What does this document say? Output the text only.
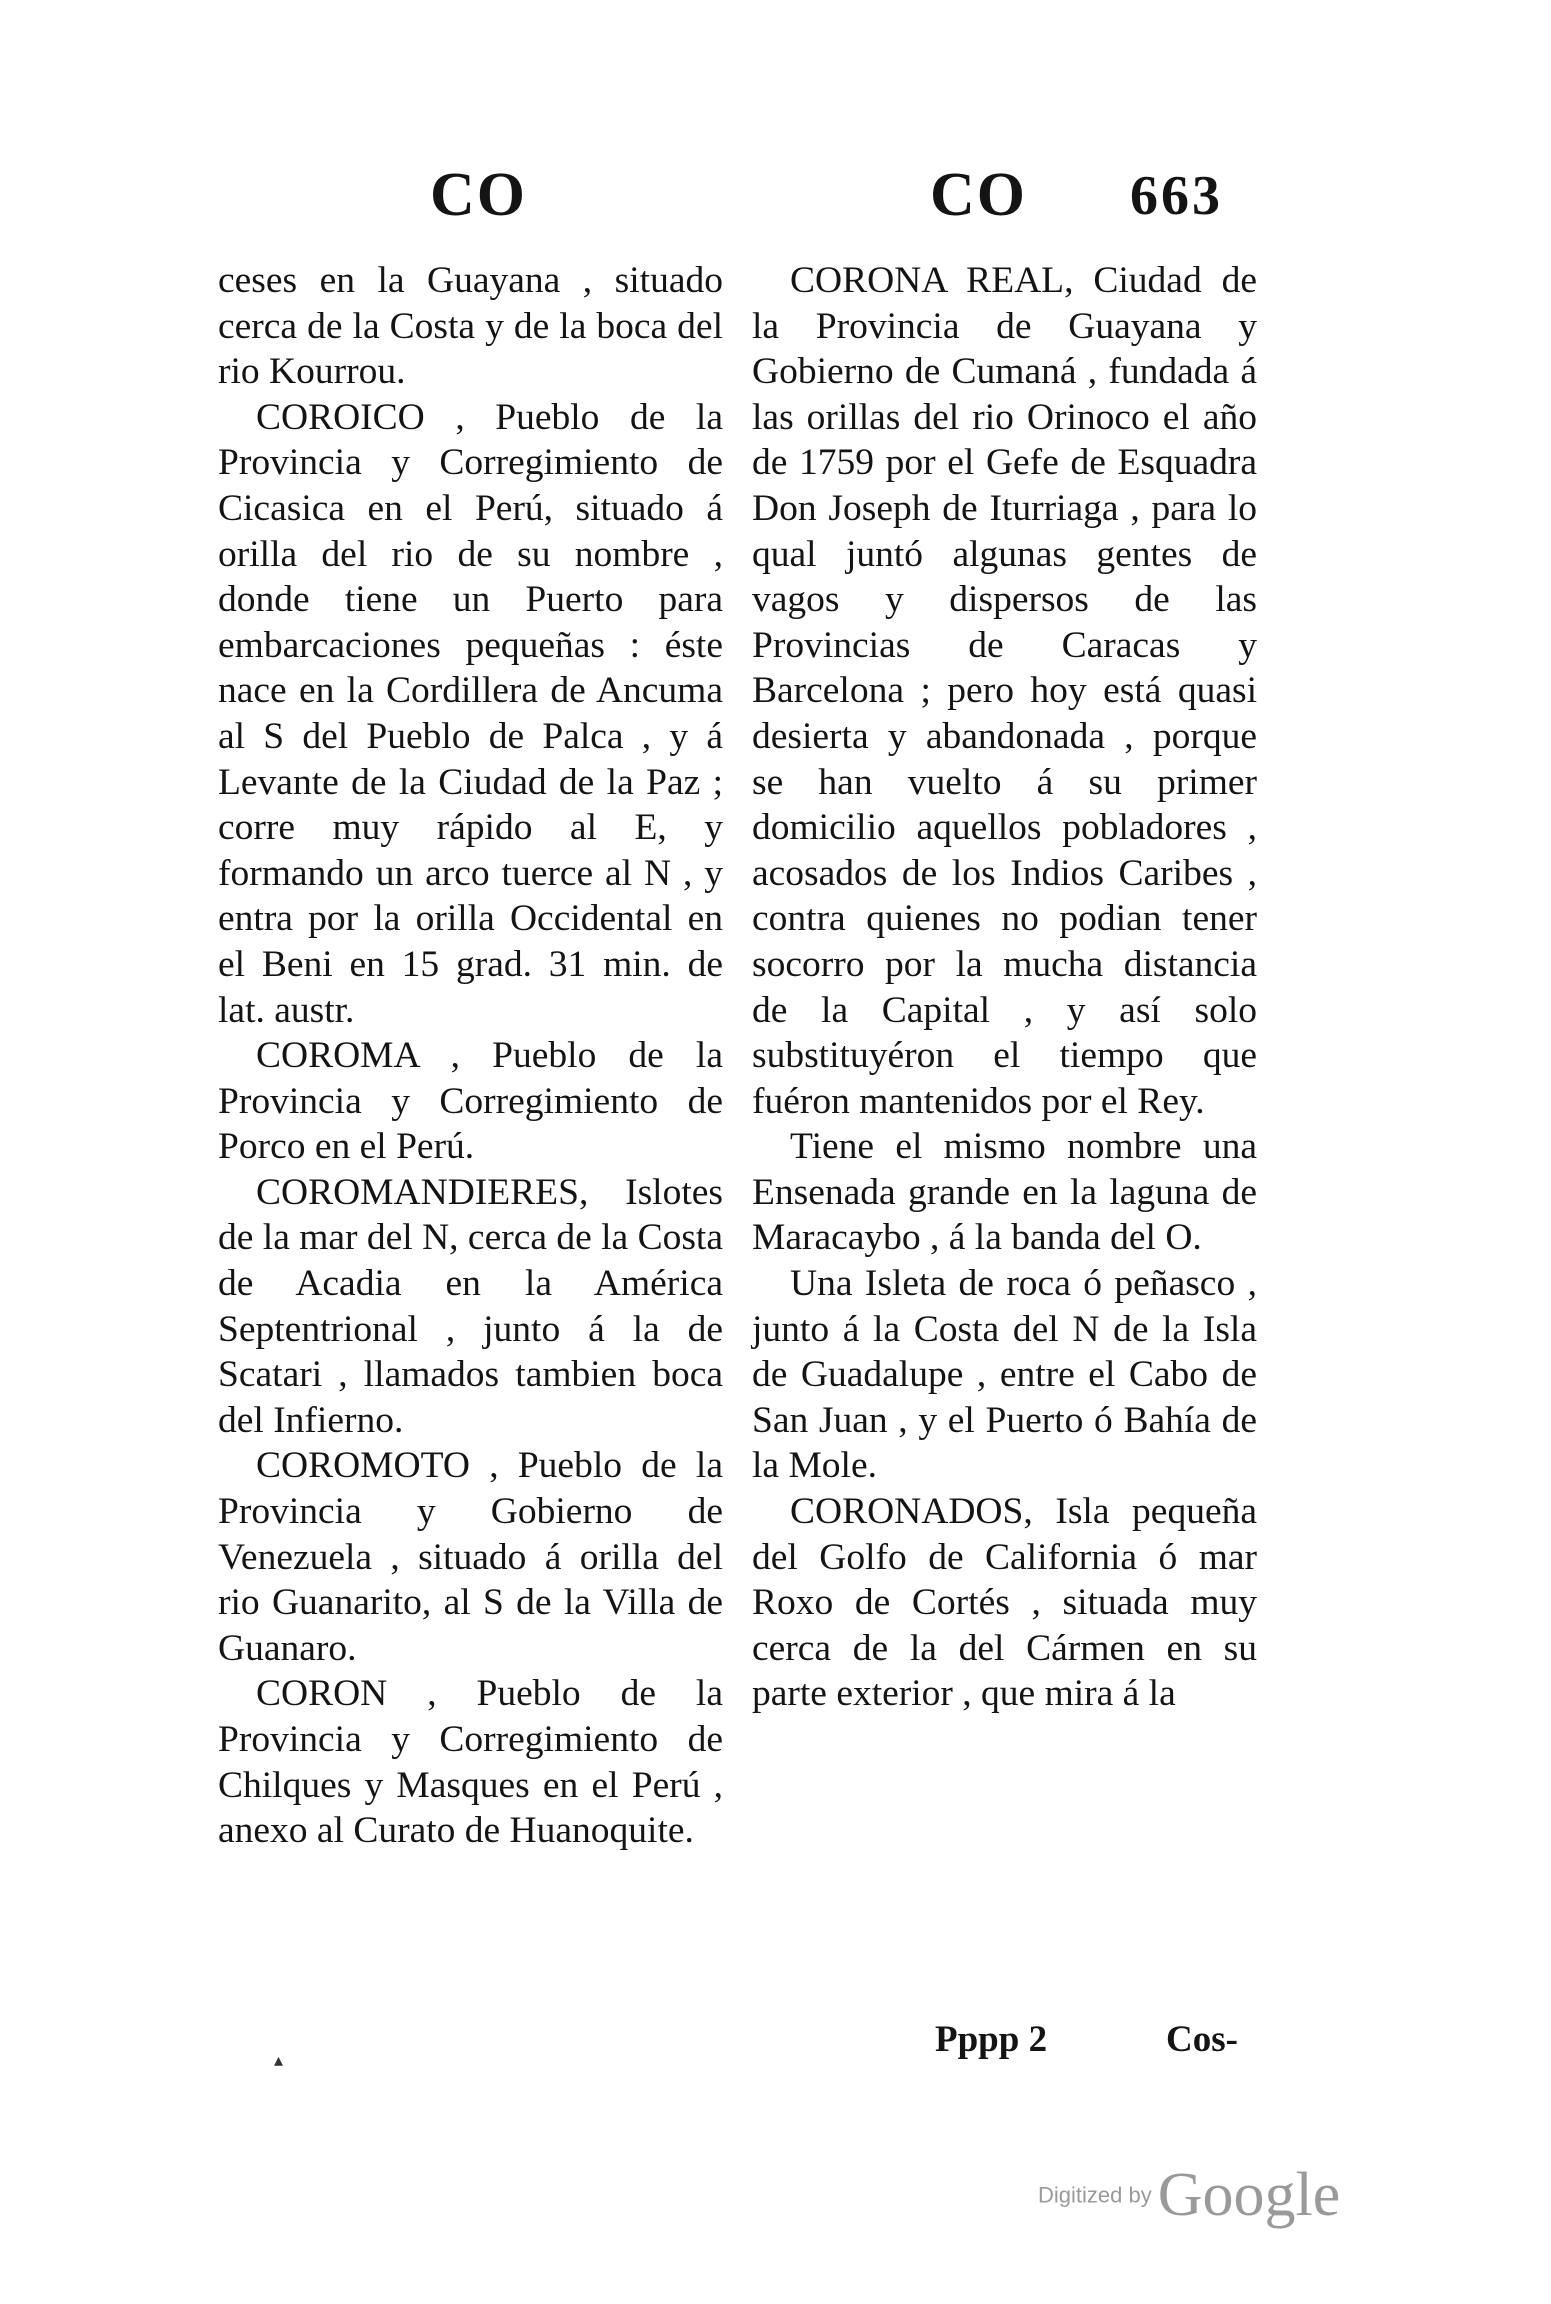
CO	CO 663

ceses en la Guayana , situado cerca de la Costa y de la boca del rio Kourrou.

COROICO , Pueblo de la Provincia y Corregimiento de Cicasica en el Perú, situado á orilla del rio de su nombre , donde tiene un Puerto para embarcaciones pequeñas : éste nace en la Cordillera de Ancuma al S del Pueblo de Palca , y á Levante de la Ciudad de la Paz ; corre muy rápido al E, y formando un arco tuerce al N , y entra por la orilla Occidental en el Beni en 15 grad. 31 min. de lat. austr.

COROMA , Pueblo de la Provincia y Corregimiento de Porco en el Perú.

COROMANDIERES, Islotes de la mar del N, cerca de la Costa de Acadia en la América Septentrional , junto á la de Scatari , llamados tambien boca del Infierno.

COROMOTO , Pueblo de la Provincia y Gobierno de Venezuela , situado á orilla del rio Guanarito, al S de la Villa de Guanaro.

CORON , Pueblo de la Provincia y Corregimiento de Chilques y Masques en el Perú , anexo al Curato de Huanoquite.

CORONA REAL, Ciudad de la Provincia de Guayana y Gobierno de Cumaná , fundada á las orillas del rio Orinoco el año de 1759 por el Gefe de Esquadra Don Joseph de Iturriaga , para lo qual juntó algunas gentes de vagos y dispersos de las Provincias de Caracas y Barcelona ; pero hoy está quasi desierta y abandonada , porque se han vuelto á su primer domicilio aquellos pobladores , acosados de los Indios Caribes , contra quienes no podian tener socorro por la mucha distancia de la Capital , y así solo substituyéron el tiempo que fuéron mantenidos por el Rey.

Tiene el mismo nombre una Ensenada grande en la laguna de Maracaybo , á la banda del O.

Una Isleta de roca ó peñasco , junto á la Costa del N de la Isla de Guadalupe , entre el Cabo de San Juan , y el Puerto ó Bahía de la Mole.

CORONADOS, Isla pequeña del Golfo de California ó mar Roxo de Cortés , situada muy cerca de la del Cármen en su parte exterior , que mira á la

Pppp 2	Cos-
▴
Digitized byGoogle
